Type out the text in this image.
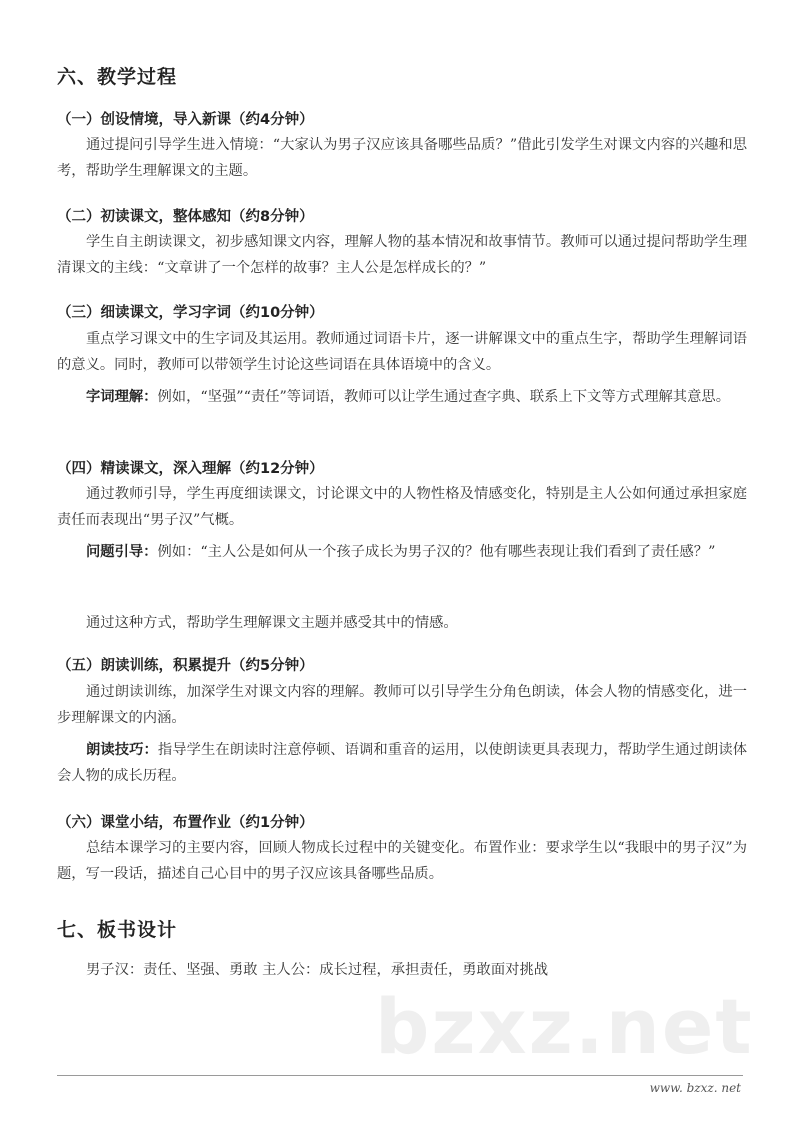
六、教学过程
（一）创设情境，导入新课（约4分钟）
通过提问引导学生进入情境：“大家认为男子汉应该具备哪些品质？”借此引发学生对课文内容的兴趣和思考，帮助学生理解课文的主题。
（二）初读课文，整体感知（约8分钟）
学生自主朗读课文，初步感知课文内容，理解人物的基本情况和故事情节。教师可以通过提问帮助学生理清课文的主线：“文章讲了一个怎样的故事？主人公是怎样成长的？”
（三）细读课文，学习字词（约10分钟）
重点学习课文中的生字词及其运用。教师通过词语卡片，逐一讲解课文中的重点生字，帮助学生理解词语的意义。同时，教师可以带领学生讨论这些词语在具体语境中的含义。
字词理解：例如，“坚强”“责任”等词语，教师可以让学生通过查字典、联系上下文等方式理解其意思。
（四）精读课文，深入理解（约12分钟）
通过教师引导，学生再度细读课文，讨论课文中的人物性格及情感变化，特别是主人公如何通过承担家庭责任而表现出“男子汉”气概。
问题引导：例如：“主人公是如何从一个孩子成长为男子汉的？他有哪些表现让我们看到了责任感？”
通过这种方式，帮助学生理解课文主题并感受其中的情感。
（五）朗读训练，积累提升（约5分钟）
通过朗读训练，加深学生对课文内容的理解。教师可以引导学生分角色朗读，体会人物的情感变化，进一步理解课文的内涵。
朗读技巧：指导学生在朗读时注意停顿、语调和重音的运用，以使朗读更具表现力，帮助学生通过朗读体会人物的成长历程。
（六）课堂小结，布置作业（约1分钟）
总结本课学习的主要内容，回顾人物成长过程中的关键变化。布置作业：要求学生以“我眼中的男子汉”为题，写一段话，描述自己心目中的男子汉应该具备哪些品质。
七、板书设计
男子汉：责任、坚强、勇敢 主人公：成长过程，承担责任，勇敢面对挑战
bzxz.net
www. bzxz. net
